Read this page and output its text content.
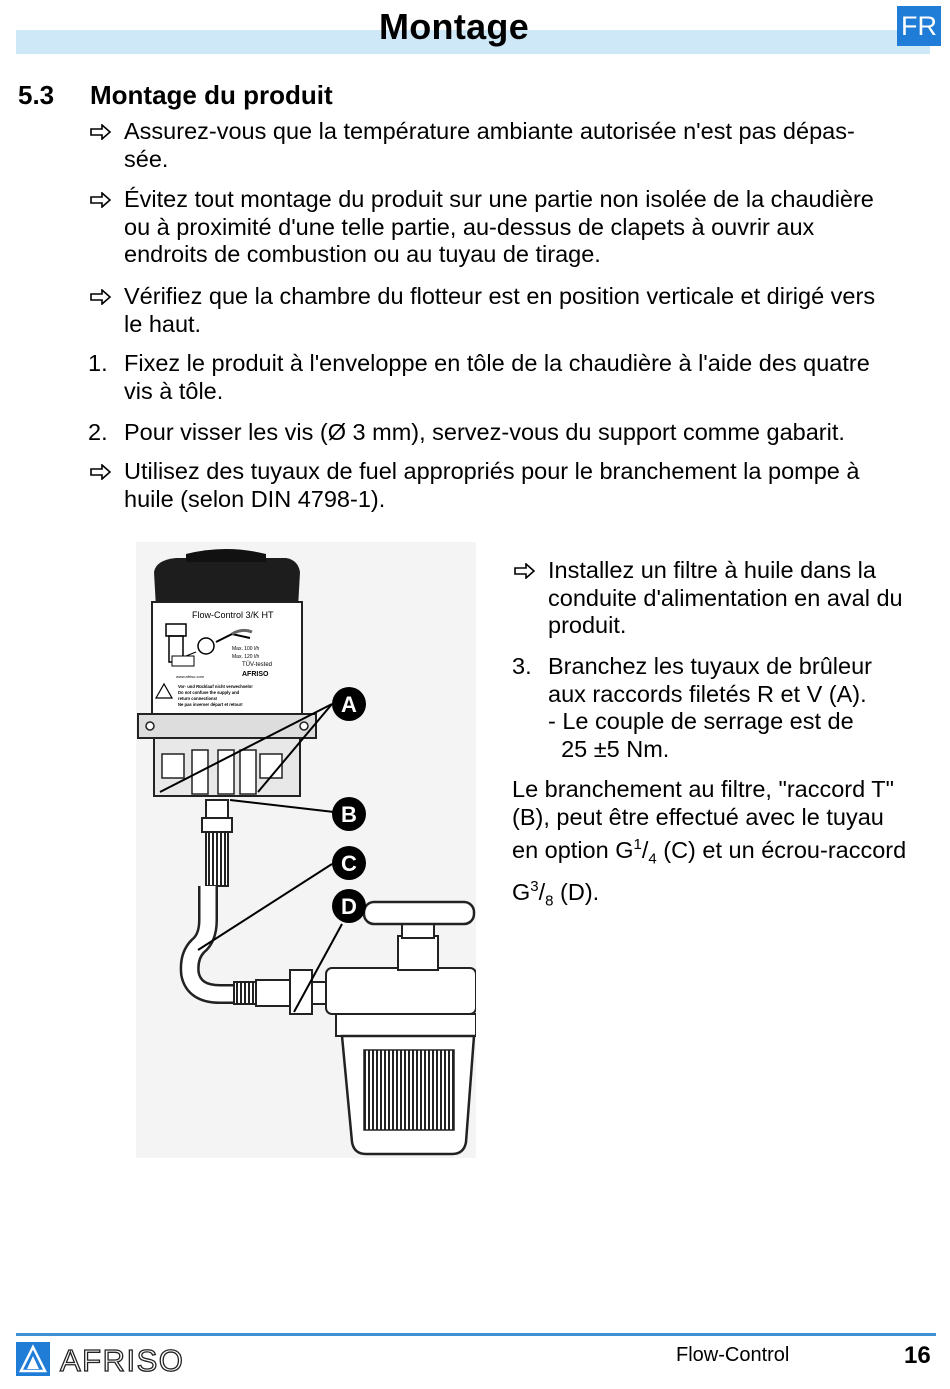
Montage	FR
5.3 Montage du produit
Assurez-vous que la température ambiante autorisée n'est pas dépas-
sée.
Évitez tout montage du produit sur une partie non isolée de la chaudière
ou à proximité d'une telle partie, au-dessus de clapets à ouvrir aux
endroits de combustion ou au tuyau de tirage.
Vérifiez que la chambre du flotteur est en position verticale et dirigé vers
le haut.
1. Fixez le produit à l'enveloppe en tôle de la chaudière à l'aide des quatre
vis à tôle.
2. Pour visser les vis (Ø 3 mm), servez-vous du support comme gabarit.
Utilisez des tuyaux de fuel appropriés pour le branchement la pompe à
huile (selon DIN 4798-1).
Flow-Control 3/K HT
Max. 100 l/h
Max. 120 l/h
TÜV-tested
AFRISO
www.afriso.com
Vor- und Rücklauf nicht verwechseln!
Do not confuse the supply and
return connections!
Ne pas inverser départ et retour!	A
B
C
D
Installez un filtre à huile dans la
conduite d'alimentation en aval du
produit.
3. Branchez les tuyaux de brûleur
aux raccords filetés R et V (A).
- Le couple de serrage est de
25 ±5 Nm.
Le branchement au filtre, "raccord T"
(B), peut être effectué avec le tuyau
en option $G^1/_4$ (C) et un écrou-raccord
$G^3/_8$ (D).
AFRISO	Flow-Control	16
